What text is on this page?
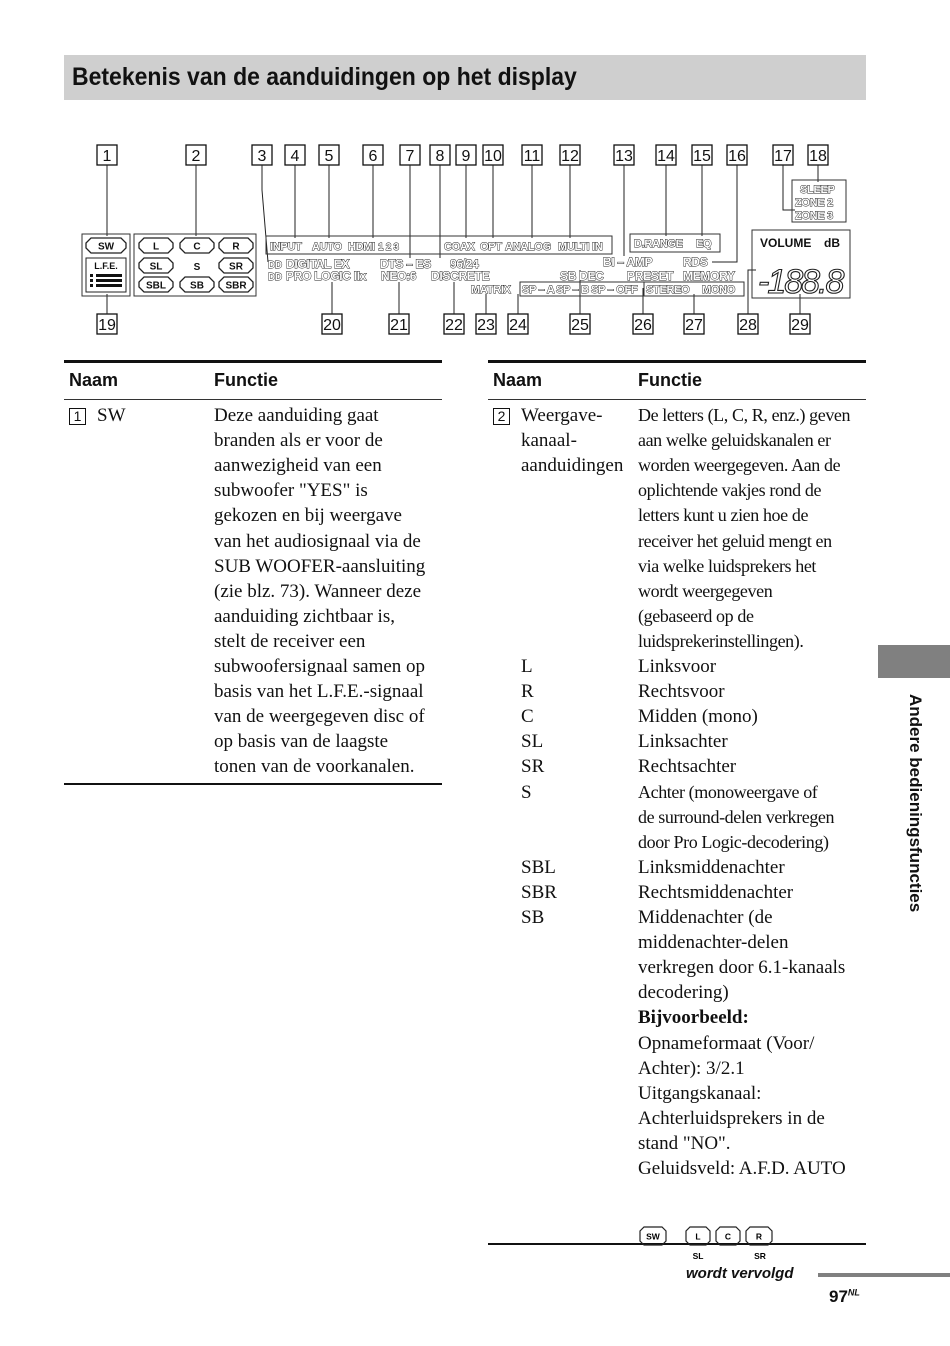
Betekenis van de aanduidingen op het display
1	2	3 4 5 6 7 8 9 10 11 12 13 14 15 16 17 18
19	20	21 22 23 24	25	26 27 28 29
SW	L	C	R
L.F.E.	SL	S	SR
SBL SB SBR
INPUT AUTO HDMI 1 2 3	COAX OPT ANALOG MULTI IN	D.RANGE EQ	VOLUME dB
SLEEP
ZONE 2
ZONE 3
DD DIGITAL EX	DTS – ES 96/24	BI – AMP	RDS
DD PRO LOGIC IIx NEO:6 DISCRETE	SB DEC PRESET MEMORY
MATRIX SP – A SP – B SP – OFF STEREO MONO -188.8
Naam	Functie
1 SW	Deze aanduiding gaat
branden als er voor de
aanwezigheid van een
subwoofer "YES" is
gekozen en bij weergave
van het audiosignaal via de
SUB WOOFER-aansluiting
(zie blz. 73). Wanneer deze
aanduiding zichtbaar is,
stelt de receiver een
subwoofersignaal samen op
basis van het L.F.E.-signaal
van de weergegeven disc of
op basis van de laagste
tonen van de voorkanalen.
Naam	Functie
2 Weergave-
kanaal-
aanduidingen
De letters (L, C, R, enz.) geven
aan welke geluidskanalen er
worden weergegeven. Aan de
oplichtende vakjes rond de
letters kunt u zien hoe de
receiver het geluid mengt en
via welke luidsprekers het
wordt weergegeven
(gebaseerd op de
luidsprekerinstellingen).
L	Linksvoor
R	Rechtsvoor
C	Midden (mono)
SL	Linksachter
SR	Rechtsachter
S	Achter (monoweergave of
de surround-delen verkregen
door Pro Logic-decodering)
SBL	Linksmiddenachter
SBR	Rechtsmiddenachter
SB	Middenachter (de
middenachter-delen
verkregen door 6.1-kanaals
decodering)
Bijvoorbeeld:
Opnameformaat (Voor/
Achter): 3/2.1
Uitgangskanaal:
Achterluidsprekers in de
stand "NO".
Geluidsveld: A.F.D. AUTO
SW	L	C	R
SL	SR
Andere bedieningsfuncties
wordt vervolgd
$97^{NL}$
